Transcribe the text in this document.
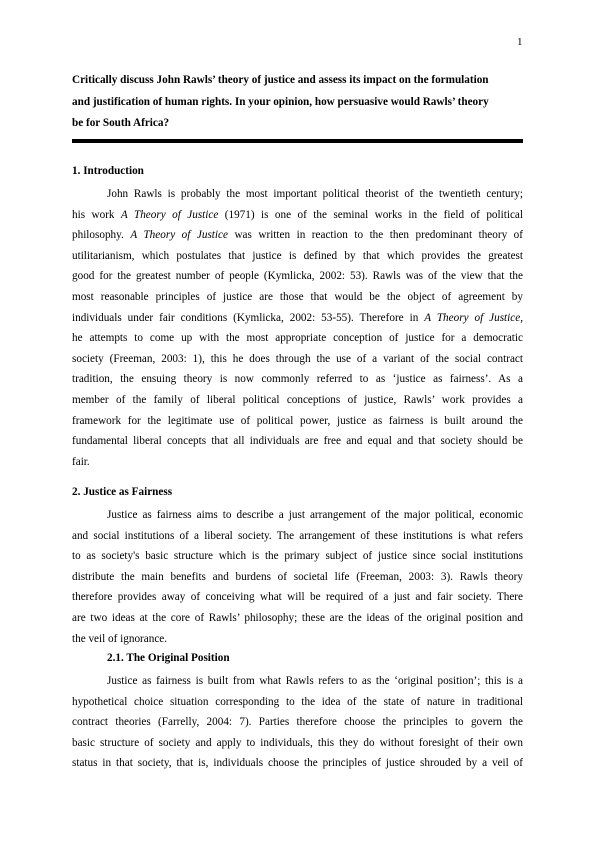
1
Critically discuss John Rawls’ theory of justice and assess its impact on the formulation
and justification of human rights. In your opinion, how persuasive would Rawls’ theory
be for South Africa?
1. Introduction
John Rawls is probably the most important political theorist of the twentieth century;
his work A Theory of Justice (1971) is one of the seminal works in the field of political
philosophy. A Theory of Justice was written in reaction to the then predominant theory of
utilitarianism, which postulates that justice is defined by that which provides the greatest
good for the greatest number of people (Kymlicka, 2002: 53). Rawls was of the view that the
most reasonable principles of justice are those that would be the object of agreement by
individuals under fair conditions (Kymlicka, 2002: 53-55). Therefore in A Theory of Justice,
he attempts to come up with the most appropriate conception of justice for a democratic
society (Freeman, 2003: 1), this he does through the use of a variant of the social contract
tradition, the ensuing theory is now commonly referred to as ‘justice as fairness’. As a
member of the family of liberal political conceptions of justice, Rawls’ work provides a
framework for the legitimate use of political power, justice as fairness is built around the
fundamental liberal concepts that all individuals are free and equal and that society should be
fair.
2. Justice as Fairness
Justice as fairness aims to describe a just arrangement of the major political, economic
and social institutions of a liberal society. The arrangement of these institutions is what refers
to as society's basic structure which is the primary subject of justice since social institutions
distribute the main benefits and burdens of societal life (Freeman, 2003: 3). Rawls theory
therefore provides away of conceiving what will be required of a just and fair society. There
are two ideas at the core of Rawls’ philosophy; these are the ideas of the original position and
the veil of ignorance.
2.1. The Original Position
Justice as fairness is built from what Rawls refers to as the ‘original position’; this is a
hypothetical choice situation corresponding to the idea of the state of nature in traditional
contract theories (Farrelly, 2004: 7). Parties therefore choose the principles to govern the
basic structure of society and apply to individuals, this they do without foresight of their own
status in that society, that is, individuals choose the principles of justice shrouded by a veil of
